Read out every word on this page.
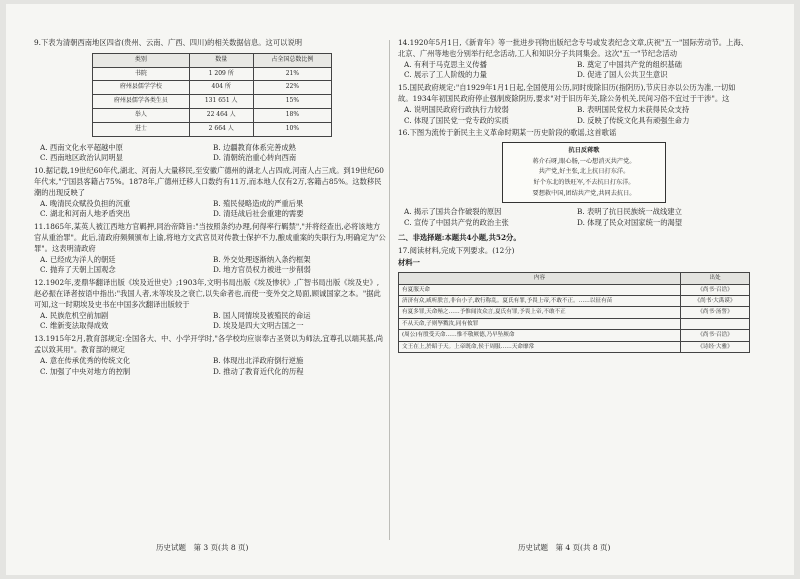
9.下表为清朝西南地区四省(贵州、云南、广西、四川)的相关数据信息。这可以说明

类别	数量	占全国总数比例
书院	1 209 所	21%
府州县儒学学校	404 所	22%
府州县儒学各类生员	131 651 人	15%
举人	22 464 人	18%
进士	2 664 人	10%
A. 西南文化水平超越中原	B. 边疆教育体系完善成熟
C. 西南地区政治认同明显	D. 清朝统治重心转向西南

10.据记载,19世纪60年代,湖北、河南人大量移民,至安徽广德州的湖北人占四成,河南人占三成。到19世纪60年代末,"宁国县客籍占75%。1878年,广德州迁移人口数约有11万,而本地人仅有2万,客籍占85%。这数移民潮的出现反映了

A. 晚清民众赋役负担的沉重	B. 殖民侵略造成的严重后果
C. 湖北和河南人地矛盾突出	D. 清廷战后社会重建的需要

11.1865年,某英人被江西地方官羁押,同治帝降旨:"当按照条约办理,何得率行羁禁","并将经查出,必将该地方官从重治罪"。此后,清政府频频颁布上谕,将地方文武官员对传教士保护不力,酿成重案的失职行为,明确定为"公罪"。这表明清政府

A. 已经成为洋人的朝廷	B. 外交处理逐渐纳入条约框架
C. 抛弃了天朝上国观念	D. 地方官员权力被进一步削弱

12.1902年,麦鼎华翻译出版《埃及近世史》;1903年,文明书局出版《埃及惨状》,广智书局出版《埃及史》,赵必振在译者按语中指出:"我国人者,未等埃及之衰亡,以失命者也,而使一变外交之局面,顾诚国家之本。"据此可知,这一时期埃及史书在中国多次翻译出版较于

A. 民族危机空前加剧	B. 国人同情埃及被殖民的命运
C. 维新变法取得成效	D. 埃及是四大文明古国之一

13.1915年2月,教育部规定:全国各大、中、小学开学时,"各学校均应崇奉古圣贤以为师法,宜尊孔以端其基,尚孟以致其用"。教育部的规定

A. 意在传承优秀的传统文化	B. 体现出北洋政府倒行逆施
C. 加强了中央对地方的控制	D. 推动了教育近代化的历程

14.1920年5月1日,《新青年》等一批进步刊物出版纪念专号或发表纪念文章,庆祝"五一"国际劳动节。上海、北京、广州等地也分别举行纪念活动,工人和知识分子共同集会。这次"五一"节纪念活动

A. 有利于马克思主义传播	B. 奠定了中国共产党的组织基础
C. 展示了工人阶级的力量	D. 促进了国人公共卫生意识

15.国民政府规定:"自1929年1月1日起,全国使用公历,同时废除旧历(指阴历),节庆日亦以公历为准,一切如故。1934年初国民政府停止强制废除阴历,要求"对于旧历年关,除公务机关,民间习俗不宜过于干涉"。这

A. 说明国民政府行政执行力较弱	B. 表明国民党权力未获得民众支持
C. 体现了国民党一党专政的实质	D. 反映了传统文化具有顽强生命力

16.下图为流传于新民主主义革命时期某一历史阶段的歌谣,这首歌谣

抗日反蒋歌
蒋介石呀,眼心肠,一心想消灭共产党。
共产党,好主张,北上抗日打东洋。
好个东北的铁旺军,不去抗日打东洋。
要想救中国,团结共产党,共同去抗日。
A. 揭示了国共合作破裂的原因	B. 表明了抗日民族统一战线建立
C. 宣传了中国共产党的政治主张	D. 体现了民众对国家统一的渴望

二、非选择题:本题共4小题,共52分。

17.阅读材料,完成下列要求。(12分)

材料一

内容	出处
有夏服天命	《尚书·召诰》
济济有众,咸听朕言,非台小子,敢行称乱。夏氏有罪,予畏上帝,不敢不正。……以征有苗	《尚书·大禹谟》
有夏多罪,天命殛之……予惟闻汝众言,夏氏有罪,予畏上帝,不敢不正	《尚书·汤誓》
不从天命,子则孥戮汝,同有攸罪	
(周公)有殷受天命……惟不敬厥德,乃早坠厥命	《尚书·召诰》
文王在上,於昭于天。上帝既命,侯于周服……天命靡常	《诗经·大雅》
历史试题　第 3 页(共 8 页)	历史试题　第 4 页(共 8 页)
